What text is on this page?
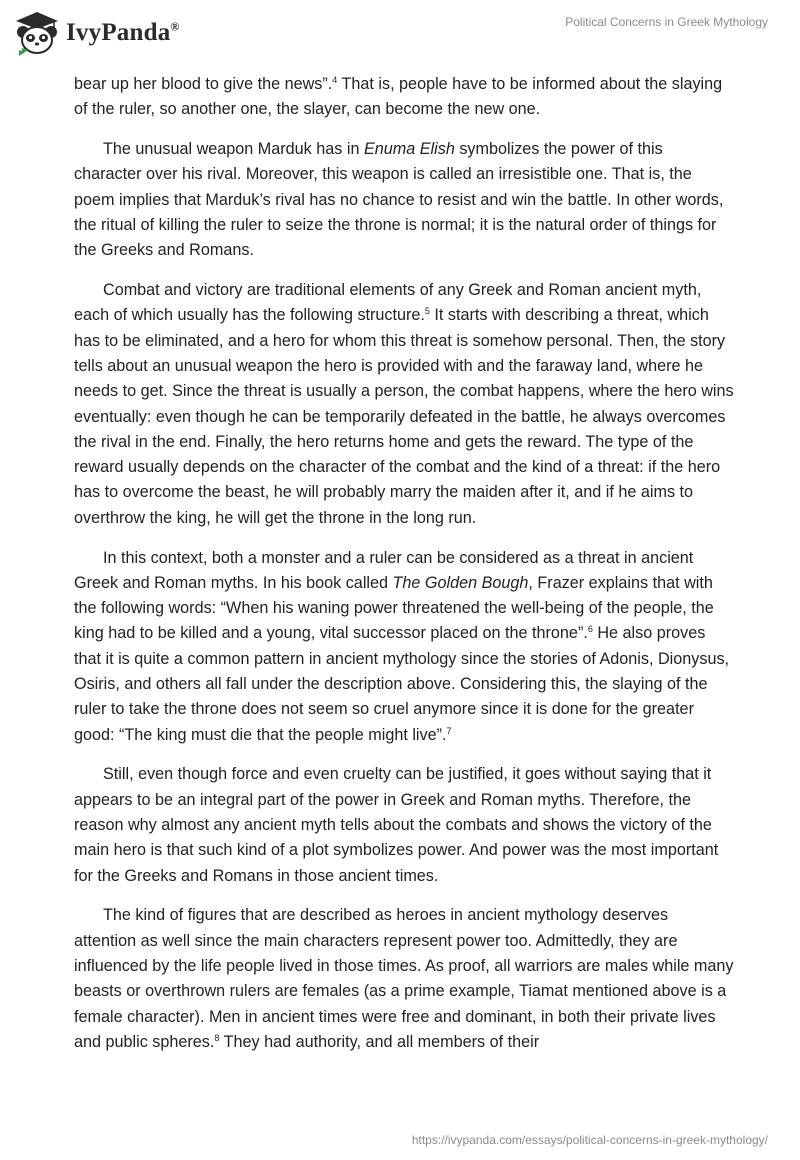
IvyPanda®	Political Concerns in Greek Mythology

bear up her blood to give the news”.$^4$ That is, people have to be informed about the slaying of the ruler, so another one, the slayer, can become the new one.

The unusual weapon Marduk has in Enuma Elish symbolizes the power of this character over his rival. Moreover, this weapon is called an irresistible one. That is, the poem implies that Marduk’s rival has no chance to resist and win the battle. In other words, the ritual of killing the ruler to seize the throne is normal; it is the natural order of things for the Greeks and Romans.

Combat and victory are traditional elements of any Greek and Roman ancient myth, each of which usually has the following structure.$^5$ It starts with describing a threat, which has to be eliminated, and a hero for whom this threat is somehow personal. Then, the story tells about an unusual weapon the hero is provided with and the faraway land, where he needs to get. Since the threat is usually a person, the combat happens, where the hero wins eventually: even though he can be temporarily defeated in the battle, he always overcomes the rival in the end. Finally, the hero returns home and gets the reward. The type of the reward usually depends on the character of the combat and the kind of a threat: if the hero has to overcome the beast, he will probably marry the maiden after it, and if he aims to overthrow the king, he will get the throne in the long run.

In this context, both a monster and a ruler can be considered as a threat in ancient Greek and Roman myths. In his book called The Golden Bough, Frazer explains that with the following words: “When his waning power threatened the well-being of the people, the king had to be killed and a young, vital successor placed on the throne”.$^6$ He also proves that it is quite a common pattern in ancient mythology since the stories of Adonis, Dionysus, Osiris, and others all fall under the description above. Considering this, the slaying of the ruler to take the throne does not seem so cruel anymore since it is done for the greater good: “The king must die that the people might live”.$^7$

Still, even though force and even cruelty can be justified, it goes without saying that it appears to be an integral part of the power in Greek and Roman myths. Therefore, the reason why almost any ancient myth tells about the combats and shows the victory of the main hero is that such kind of a plot symbolizes power. And power was the most important for the Greeks and Romans in those ancient times.

The kind of figures that are described as heroes in ancient mythology deserves attention as well since the main characters represent power too. Admittedly, they are influenced by the life people lived in those times. As proof, all warriors are males while many beasts or overthrown rulers are females (as a prime example, Tiamat mentioned above is a female character). Men in ancient times were free and dominant, in both their private lives and public spheres.$^8$ They had authority, and all members of their

https://ivypanda.com/essays/political-concerns-in-greek-mythology/
